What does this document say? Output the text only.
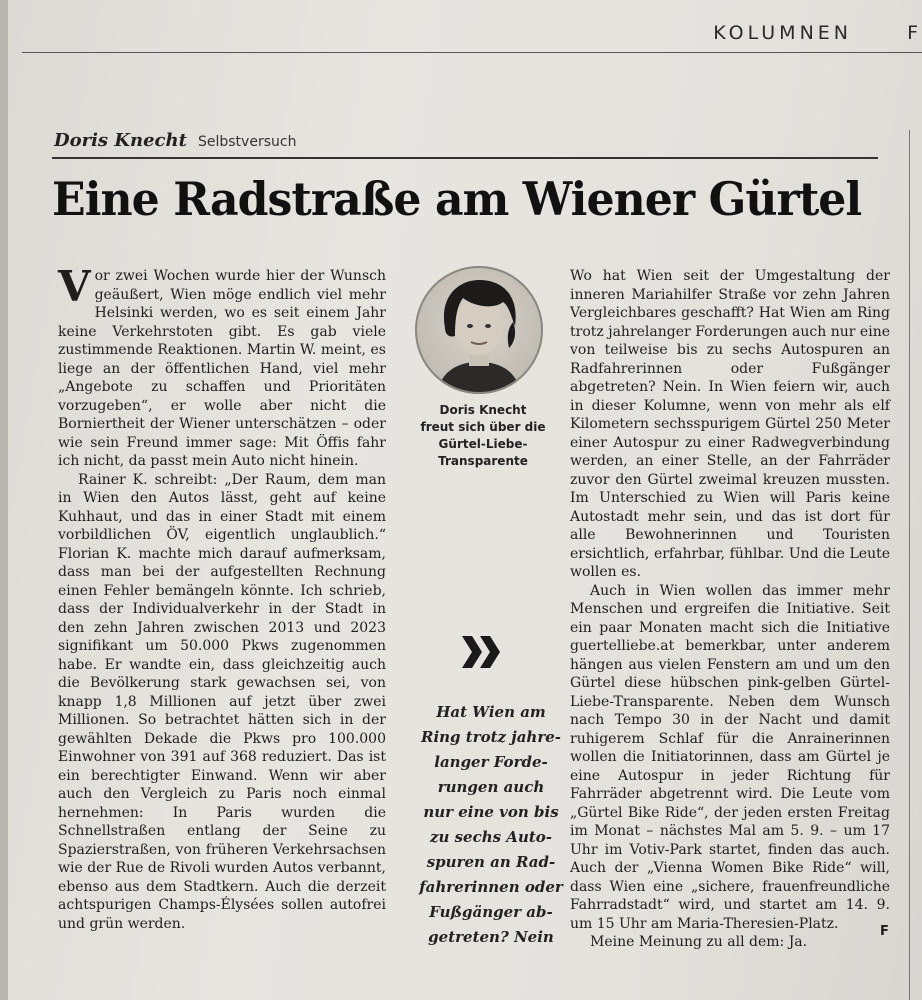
KOLUMNEN	F
Doris Knecht Selbstversuch
Eine Radstraße am Wiener Gürtel

Vor zwei Wochen wurde hier der Wunsch geäußert, Wien möge endlich viel mehr Helsinki werden, wo es seit einem Jahr keine Verkehrstoten gibt. Es gab viele zustimmende Reaktionen. Martin W. meint, es liege an der öffentlichen Hand, viel mehr „Angebote zu schaffen und Prioritäten vorzugeben“, er wolle aber nicht die Borniertheit der Wiener unterschätzen – oder wie sein Freund immer sage: Mit Öffis fahr ich nicht, da passt mein Auto nicht hinein.

Rainer K. schreibt: „Der Raum, dem man in Wien den Autos lässt, geht auf keine Kuhhaut, und das in einer Stadt mit einem vorbildlichen ÖV, eigentlich unglaublich.“ Florian K. machte mich darauf aufmerksam, dass man bei der aufgestellten Rechnung einen Fehler bemängeln könnte. Ich schrieb, dass der Individualverkehr in der Stadt in den zehn Jahren zwischen 2013 und 2023 signifikant um 50.000 Pkws zugenommen habe. Er wandte ein, dass gleichzeitig auch die Bevölkerung stark gewachsen sei, von knapp 1,8 Millionen auf jetzt über zwei Millionen. So betrachtet hätten sich in der gewählten Dekade die Pkws pro 100.000 Einwohner von 391 auf 368 reduziert. Das ist ein berechtigter Einwand. Wenn wir aber auch den Vergleich zu Paris noch einmal hernehmen: In Paris wurden die Schnellstraßen entlang der Seine zu Spazierstraßen, von früheren Verkehrsachsen wie der Rue de Rivoli wurden Autos verbannt, ebenso aus dem Stadtkern. Auch die derzeit achtspurigen Champs-Élysées sollen autofrei und grün werden.

Doris Knecht
freut sich über die
Gürtel-Liebe-
Transparente
Hat Wien am
Ring trotz jahre-
langer Forde-
rungen auch
nur eine von bis
zu sechs Auto-
spuren an Rad-
fahrerinnen oder
Fußgänger ab-
getreten? Nein

Wo hat Wien seit der Umgestaltung der inneren Mariahilfer Straße vor zehn Jahren Vergleichbares geschafft? Hat Wien am Ring trotz jahrelanger Forderungen auch nur eine von teilweise bis zu sechs Autospuren an Radfahrerinnen oder Fußgänger abgetreten? Nein. In Wien feiern wir, auch in dieser Kolumne, wenn von mehr als elf Kilometern sechsspurigem Gürtel 250 Meter einer Autospur zu einer Radwegverbindung werden, an einer Stelle, an der Fahrräder zuvor den Gürtel zweimal kreuzen mussten. Im Unterschied zu Wien will Paris keine Autostadt mehr sein, und das ist dort für alle Bewohnerinnen und Touristen ersichtlich, erfahrbar, fühlbar. Und die Leute wollen es.

Auch in Wien wollen das immer mehr Menschen und ergreifen die Initiative. Seit ein paar Monaten macht sich die Initiative guertelliebe.at bemerkbar, unter anderem hängen aus vielen Fenstern am und um den Gürtel diese hübschen pink-gelben Gürtel-Liebe-Transparente. Neben dem Wunsch nach Tempo 30 in der Nacht und damit ruhigerem Schlaf für die Anrainerinnen wollen die Initiatorinnen, dass am Gürtel je eine Autospur in jeder Richtung für Fahrräder abgetrennt wird. Die Leute vom „Gürtel Bike Ride“, der jeden ersten Freitag im Monat – nächstes Mal am 5. 9. – um 17 Uhr im Votiv-Park startet, finden das auch. Auch der „Vienna Women Bike Ride“ will, dass Wien eine „sichere, frauenfreundliche Fahrradstadt“ wird, und startet am 14. 9. um 15 Uhr am Maria-Theresien-Platz.

Meine Meinung zu all dem: Ja.

F
